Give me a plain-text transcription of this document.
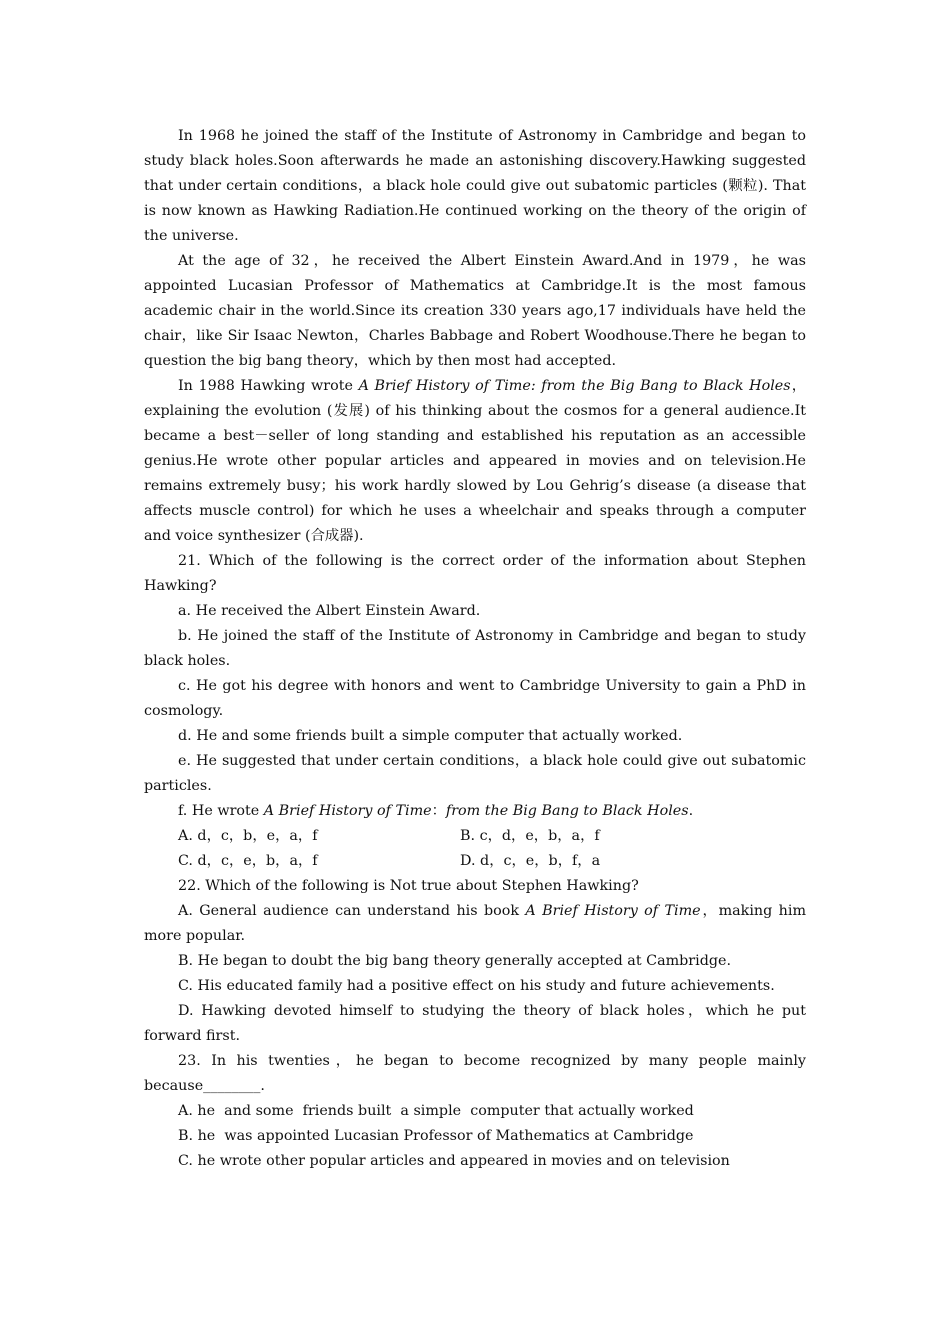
In 1968 he joined the staff of the Institute of Astronomy in Cambridge and began to study black holes.Soon afterwards he made an astonishing discovery.Hawking suggested that under certain conditions，a black hole could give out subatomic particles (颗粒). That is now known as Hawking Radiation.He continued working on the theory of the origin of the universe.

At the age of 32，he received the Albert Einstein Award.And in 1979，he was appointed Lucasian Professor of Mathematics at Cambridge.It is the most famous academic chair in the world.Since its creation 330 years ago,17 individuals have held the chair，like Sir Isaac Newton，Charles Babbage and Robert Woodhouse.There he began to question the big bang theory，which by then most had accepted.

In 1988 Hawking wrote A Brief History of Time: from the Big Bang to Black Holes，explaining the evolution (发展) of his thinking about the cosmos for a general audience.It became a best－seller of long standing and established his reputation as an accessible genius.He wrote other popular articles and appeared in movies and on television.He remains extremely busy；his work hardly slowed by Lou Gehrig’s disease (a disease that affects muscle control) for which he uses a wheelchair and speaks through a computer and voice synthesizer (合成器).

21. Which of the following is the correct order of the information about Stephen Hawking?

a. He received the Albert Einstein Award.

b. He joined the staff of the Institute of Astronomy in Cambridge and began to study black holes.

c. He got his degree with honors and went to Cambridge University to gain a PhD in cosmology.

d. He and some friends built a simple computer that actually worked.

e. He suggested that under certain conditions，a black hole could give out subatomic particles.

f. He wrote A Brief History of Time：from the Big Bang to Black Holes.

A. d，c，b，e，a，f	B. c，d，e，b，a，f
C. d，c，e，b，a，f	D. d，c，e，b，f，a

22. Which of the following is Not true about Stephen Hawking?

A. General audience can understand his book A Brief History of Time，making him more popular.

B. He began to doubt the big bang theory generally accepted at Cambridge.

C. His educated family had a positive effect on his study and future achievements.

D. Hawking devoted himself to studying the theory of black holes，which he put forward first.

23. In his twenties，he began to become recognized by many people mainly because________.

A. he  and some  friends built  a simple  computer that actually worked

B. he  was appointed Lucasian Professor of Mathematics at Cambridge

C. he wrote other popular articles and appeared in movies and on television
